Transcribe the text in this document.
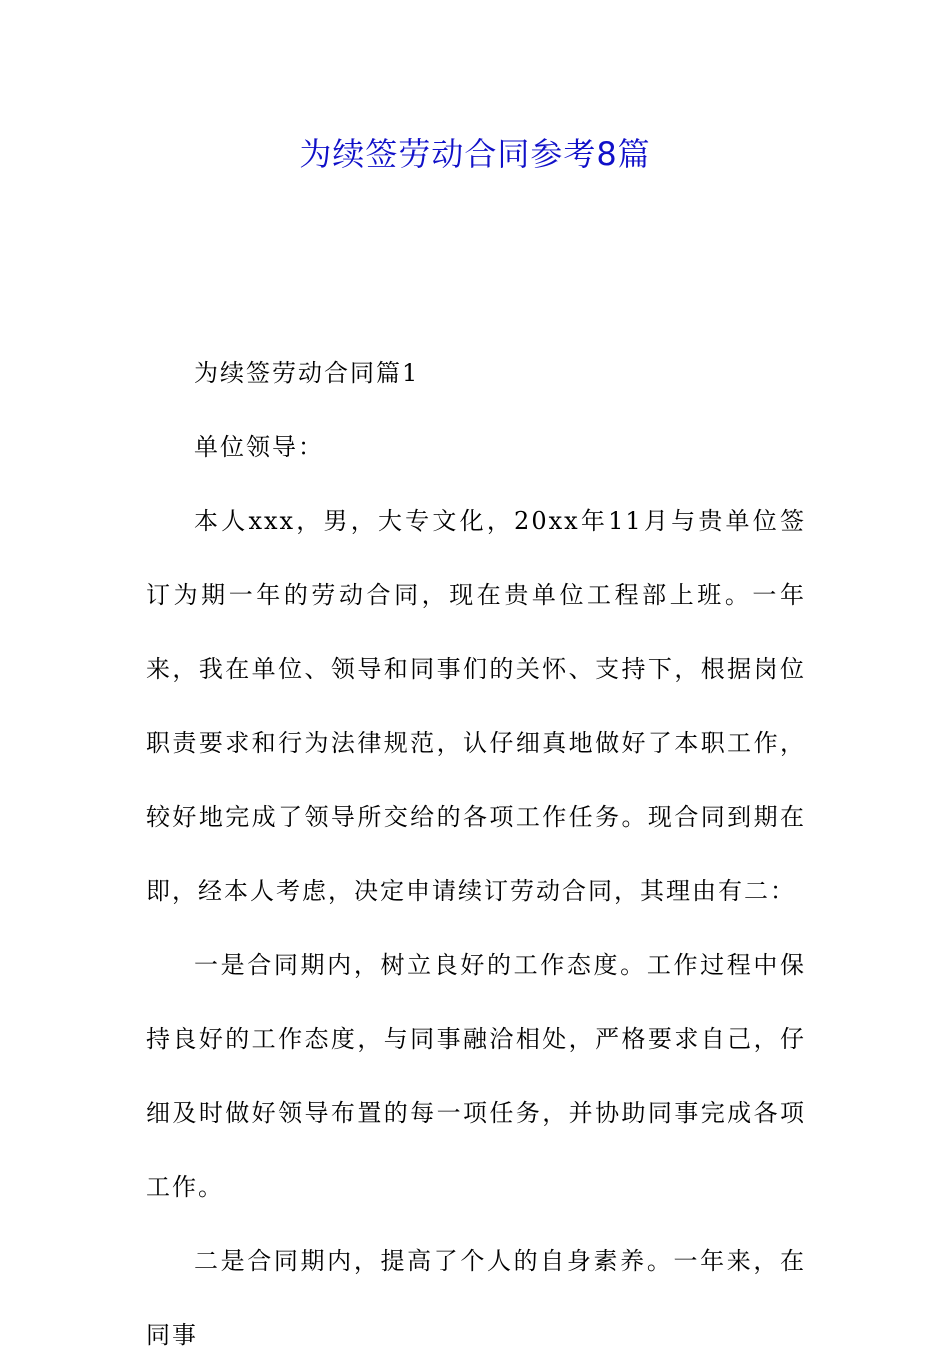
为续签劳动合同参考8篇

为续签劳动合同篇1

单位领导：

本人xxx，男，大专文化，20xx年11月与贵单位签订为期一年的劳动合同，现在贵单位工程部上班。一年来，我在单位、领导和同事们的关怀、支持下，根据岗位职责要求和行为法律规范，认仔细真地做好了本职工作，较好地完成了领导所交给的各项工作任务。现合同到期在即，经本人考虑，决定申请续订劳动合同，其理由有二：

一是合同期内，树立良好的工作态度。工作过程中保持良好的工作态度，与同事融洽相处，严格要求自己，仔细及时做好领导布置的每一项任务，并协助同事完成各项工作。

二是合同期内，提高了个人的自身素养。一年来，在同事
